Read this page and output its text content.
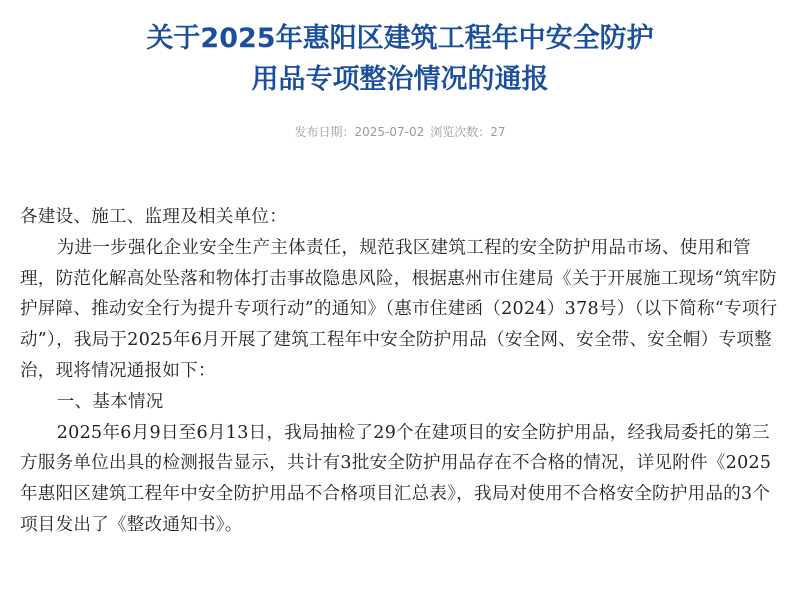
关于2025年惠阳区建筑工程年中安全防护
用品专项整治情况的通报
发布日期：2025-07-02 浏览次数：27

各建设、施工、监理及相关单位：

为进一步强化企业安全生产主体责任，规范我区建筑工程的安全防护用品市场、使用和管理，防范化解高处坠落和物体打击事故隐患风险，根据惠州市住建局《关于开展施工现场“筑牢防护屏障、推动安全行为提升专项行动”的通知》（惠市住建函（2024）378号）（以下简称“专项行动”），我局于2025年6月开展了建筑工程年中安全防护用品（安全网、安全带、安全帽）专项整治，现将情况通报如下：

一、基本情况

2025年6月9日至6月13日，我局抽检了29个在建项目的安全防护用品，经我局委托的第三方服务单位出具的检测报告显示，共计有3批安全防护用品存在不合格的情况，详见附件《2025年惠阳区建筑工程年中安全防护用品不合格项目汇总表》，我局对使用不合格安全防护用品的3个项目发出了《整改通知书》。
